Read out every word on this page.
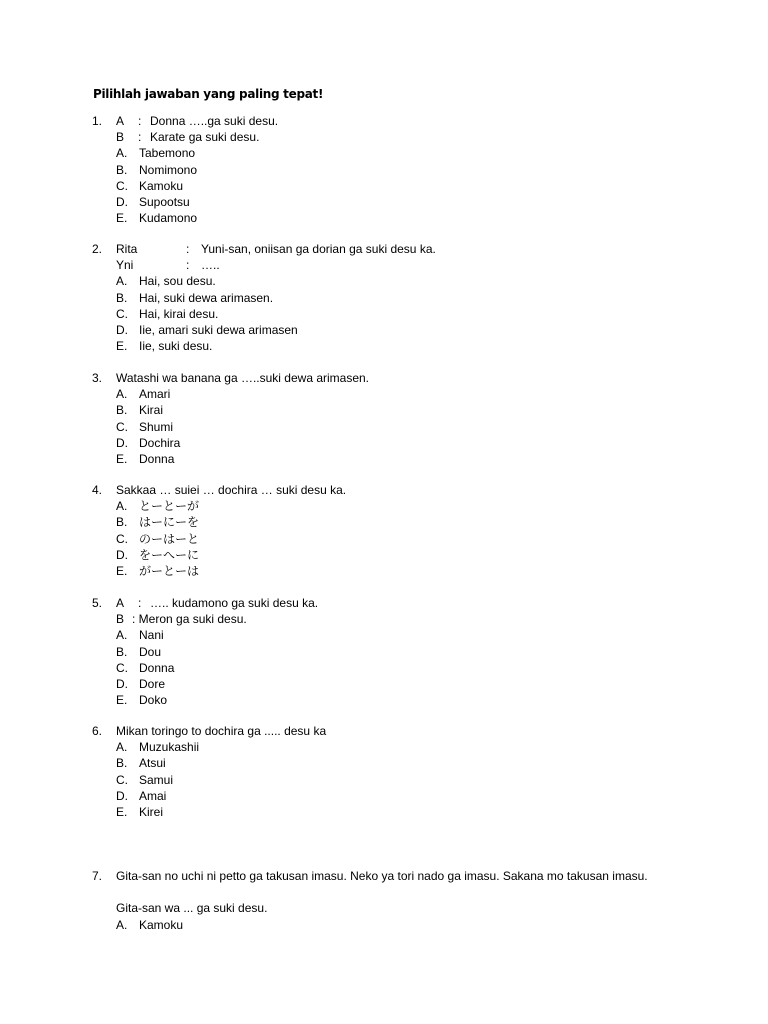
Pilihlah jawaban yang paling tepat!
1.	A	: Donna …..ga suki desu.
B	: Karate ga suki desu.
A. Tabemono
B. Nomimono
C. Kamoku
D. Supootsu
E. Kudamono
2.	Rita	: Yuni-san, oniisan ga dorian ga suki desu ka.
Yni	: …..
A. Hai, sou desu.
B. Hai, suki dewa arimasen.
C. Hai, kirai desu.
D. Iie, amari suki dewa arimasen
E. Iie, suki desu.
3.	Watashi wa banana ga …..suki dewa arimasen.
A. Amari
B. Kirai
C. Shumi
D. Dochira
E. Donna
4.	Sakkaa … suiei … dochira … suki desu ka.
A. とーとーが
B. はーにーを
C. のーはーと
D. をーへーに
E. がーとーは
5.	A	: ….. kudamono ga suki desu ka.
B : Meron ga suki desu.
A. Nani
B. Dou
C. Donna
D. Dore
E. Doko
6.	Mikan toringo to dochira ga ..... desu ka
A. Muzukashii
B. Atsui
C. Samui
D. Amai
E. Kirei
7.	Gita-san no uchi ni petto ga takusan imasu. Neko ya tori nado ga imasu. Sakana mo takusan imasu.
Gita-san wa ... ga suki desu.
A. Kamoku
